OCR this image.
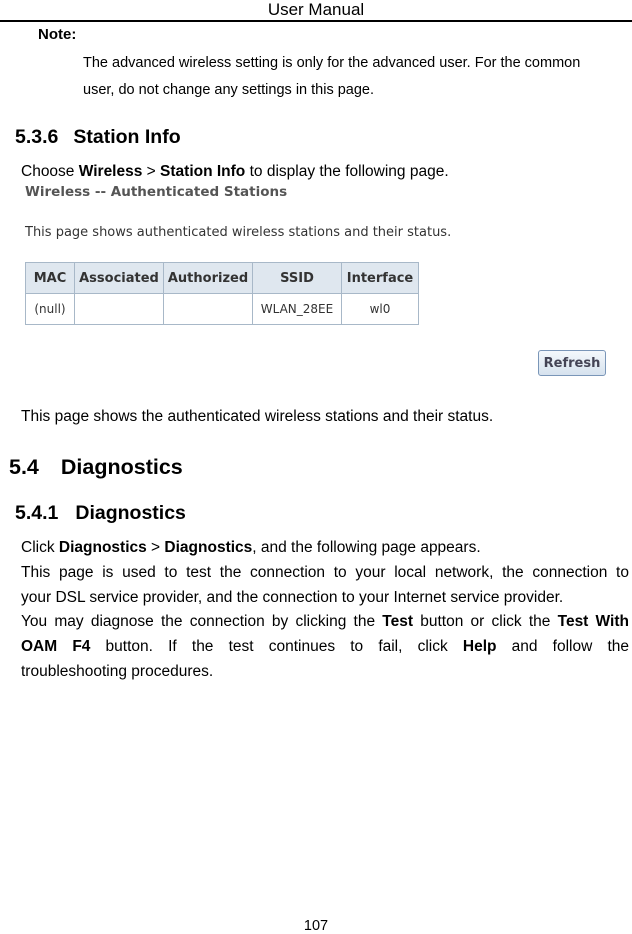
User Manual
Note:
The advanced wireless setting is only for the advanced user. For the common
user, do not change any settings in this page.
5.3.6 Station Info
Choose Wireless > Station Info to display the following page.
Wireless -- Authenticated Stations
This page shows authenticated wireless stations and their status.
MAC	Associated	Authorized	SSID	Interface
(null)			WLAN_28EE	wl0
Refresh
This page shows the authenticated wireless stations and their status.
5.4 Diagnostics
5.4.1 Diagnostics
Click Diagnostics > Diagnostics, and the following page appears.
This page is used to test the connection to your local network, the connection to
your DSL service provider, and the connection to your Internet service provider.
You may diagnose the connection by clicking the Test button or click the Test With
OAM F4 button. If the test continues to fail, click Help and follow the
troubleshooting procedures.
107
